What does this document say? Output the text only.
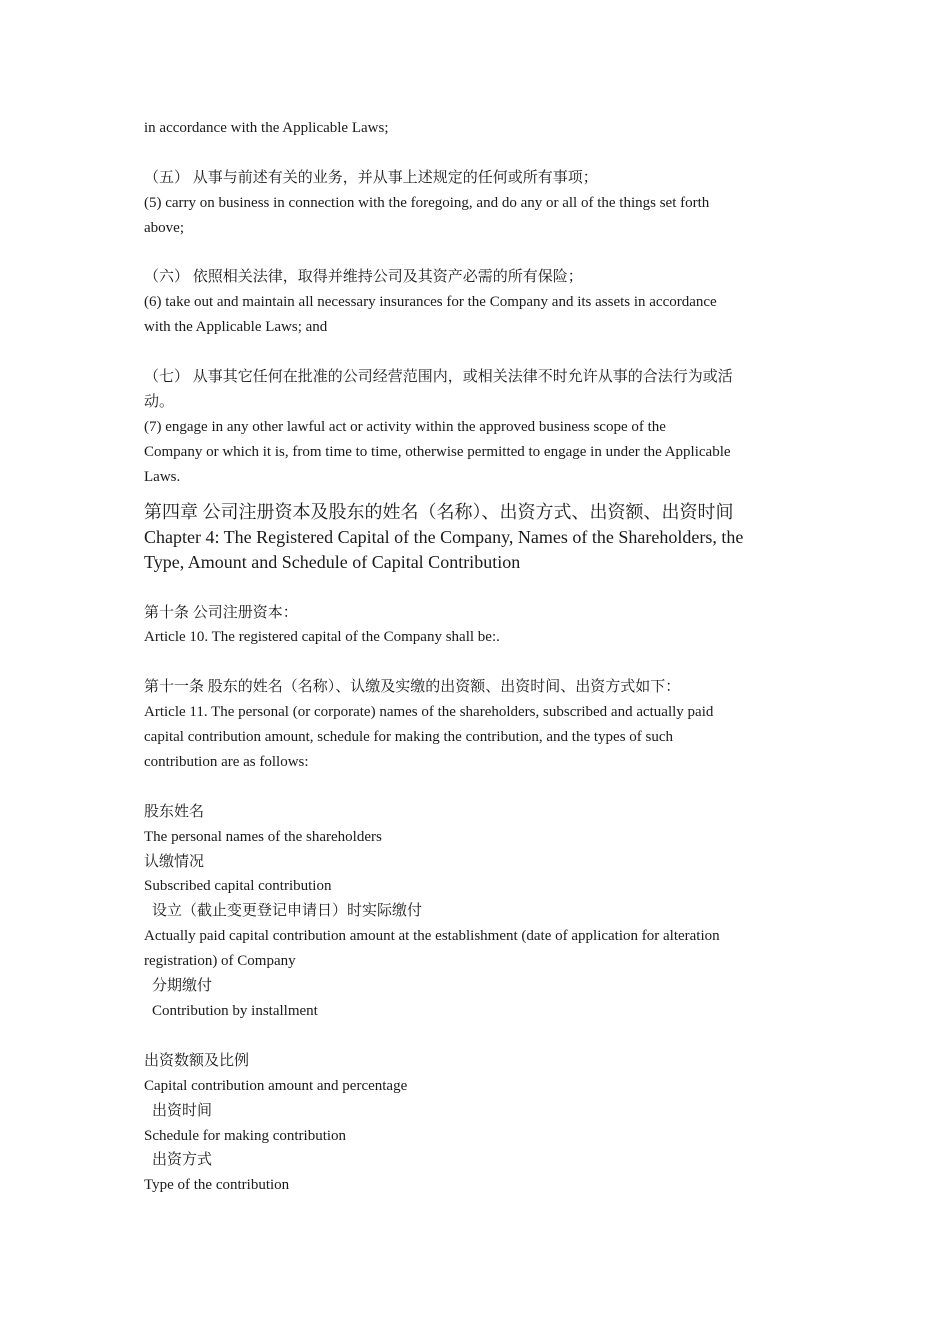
in accordance with the Applicable Laws;

（五） 从事与前述有关的业务，并从事上述规定的任何或所有事项；

(5) carry on business in connection with the foregoing, and do any or all of the things set forth

above;

（六） 依照相关法律，取得并维持公司及其资产必需的所有保险；

(6) take out and maintain all necessary insurances for the Company and its assets in accordance

with the Applicable Laws; and

（七） 从事其它任何在批准的公司经营范围内，或相关法律不时允许从事的合法行为或活

动。

(7) engage in any other lawful act or activity within the approved business scope of the

Company or which it is, from time to time, otherwise permitted to engage in under the Applicable

Laws.

第四章 公司注册资本及股东的姓名（名称）、出资方式、出资额、出资时间

Chapter 4: The Registered Capital of the Company, Names of the Shareholders, the

Type, Amount and Schedule of Capital Contribution

第十条 公司注册资本：

Article 10. The registered capital of the Company shall be:.

第十一条 股东的姓名（名称）、认缴及实缴的出资额、出资时间、出资方式如下：

Article 11. The personal (or corporate) names of the shareholders, subscribed and actually paid

capital contribution amount, schedule for making the contribution, and the types of such

contribution are as follows:

股东姓名

The personal names of the shareholders

认缴情况

Subscribed capital contribution

设立（截止变更登记申请日）时实际缴付

Actually paid capital contribution amount at the establishment (date of application for alteration

registration) of Company

分期缴付

Contribution by installment

出资数额及比例

Capital contribution amount and percentage

出资时间

Schedule for making contribution

出资方式

Type of the contribution
